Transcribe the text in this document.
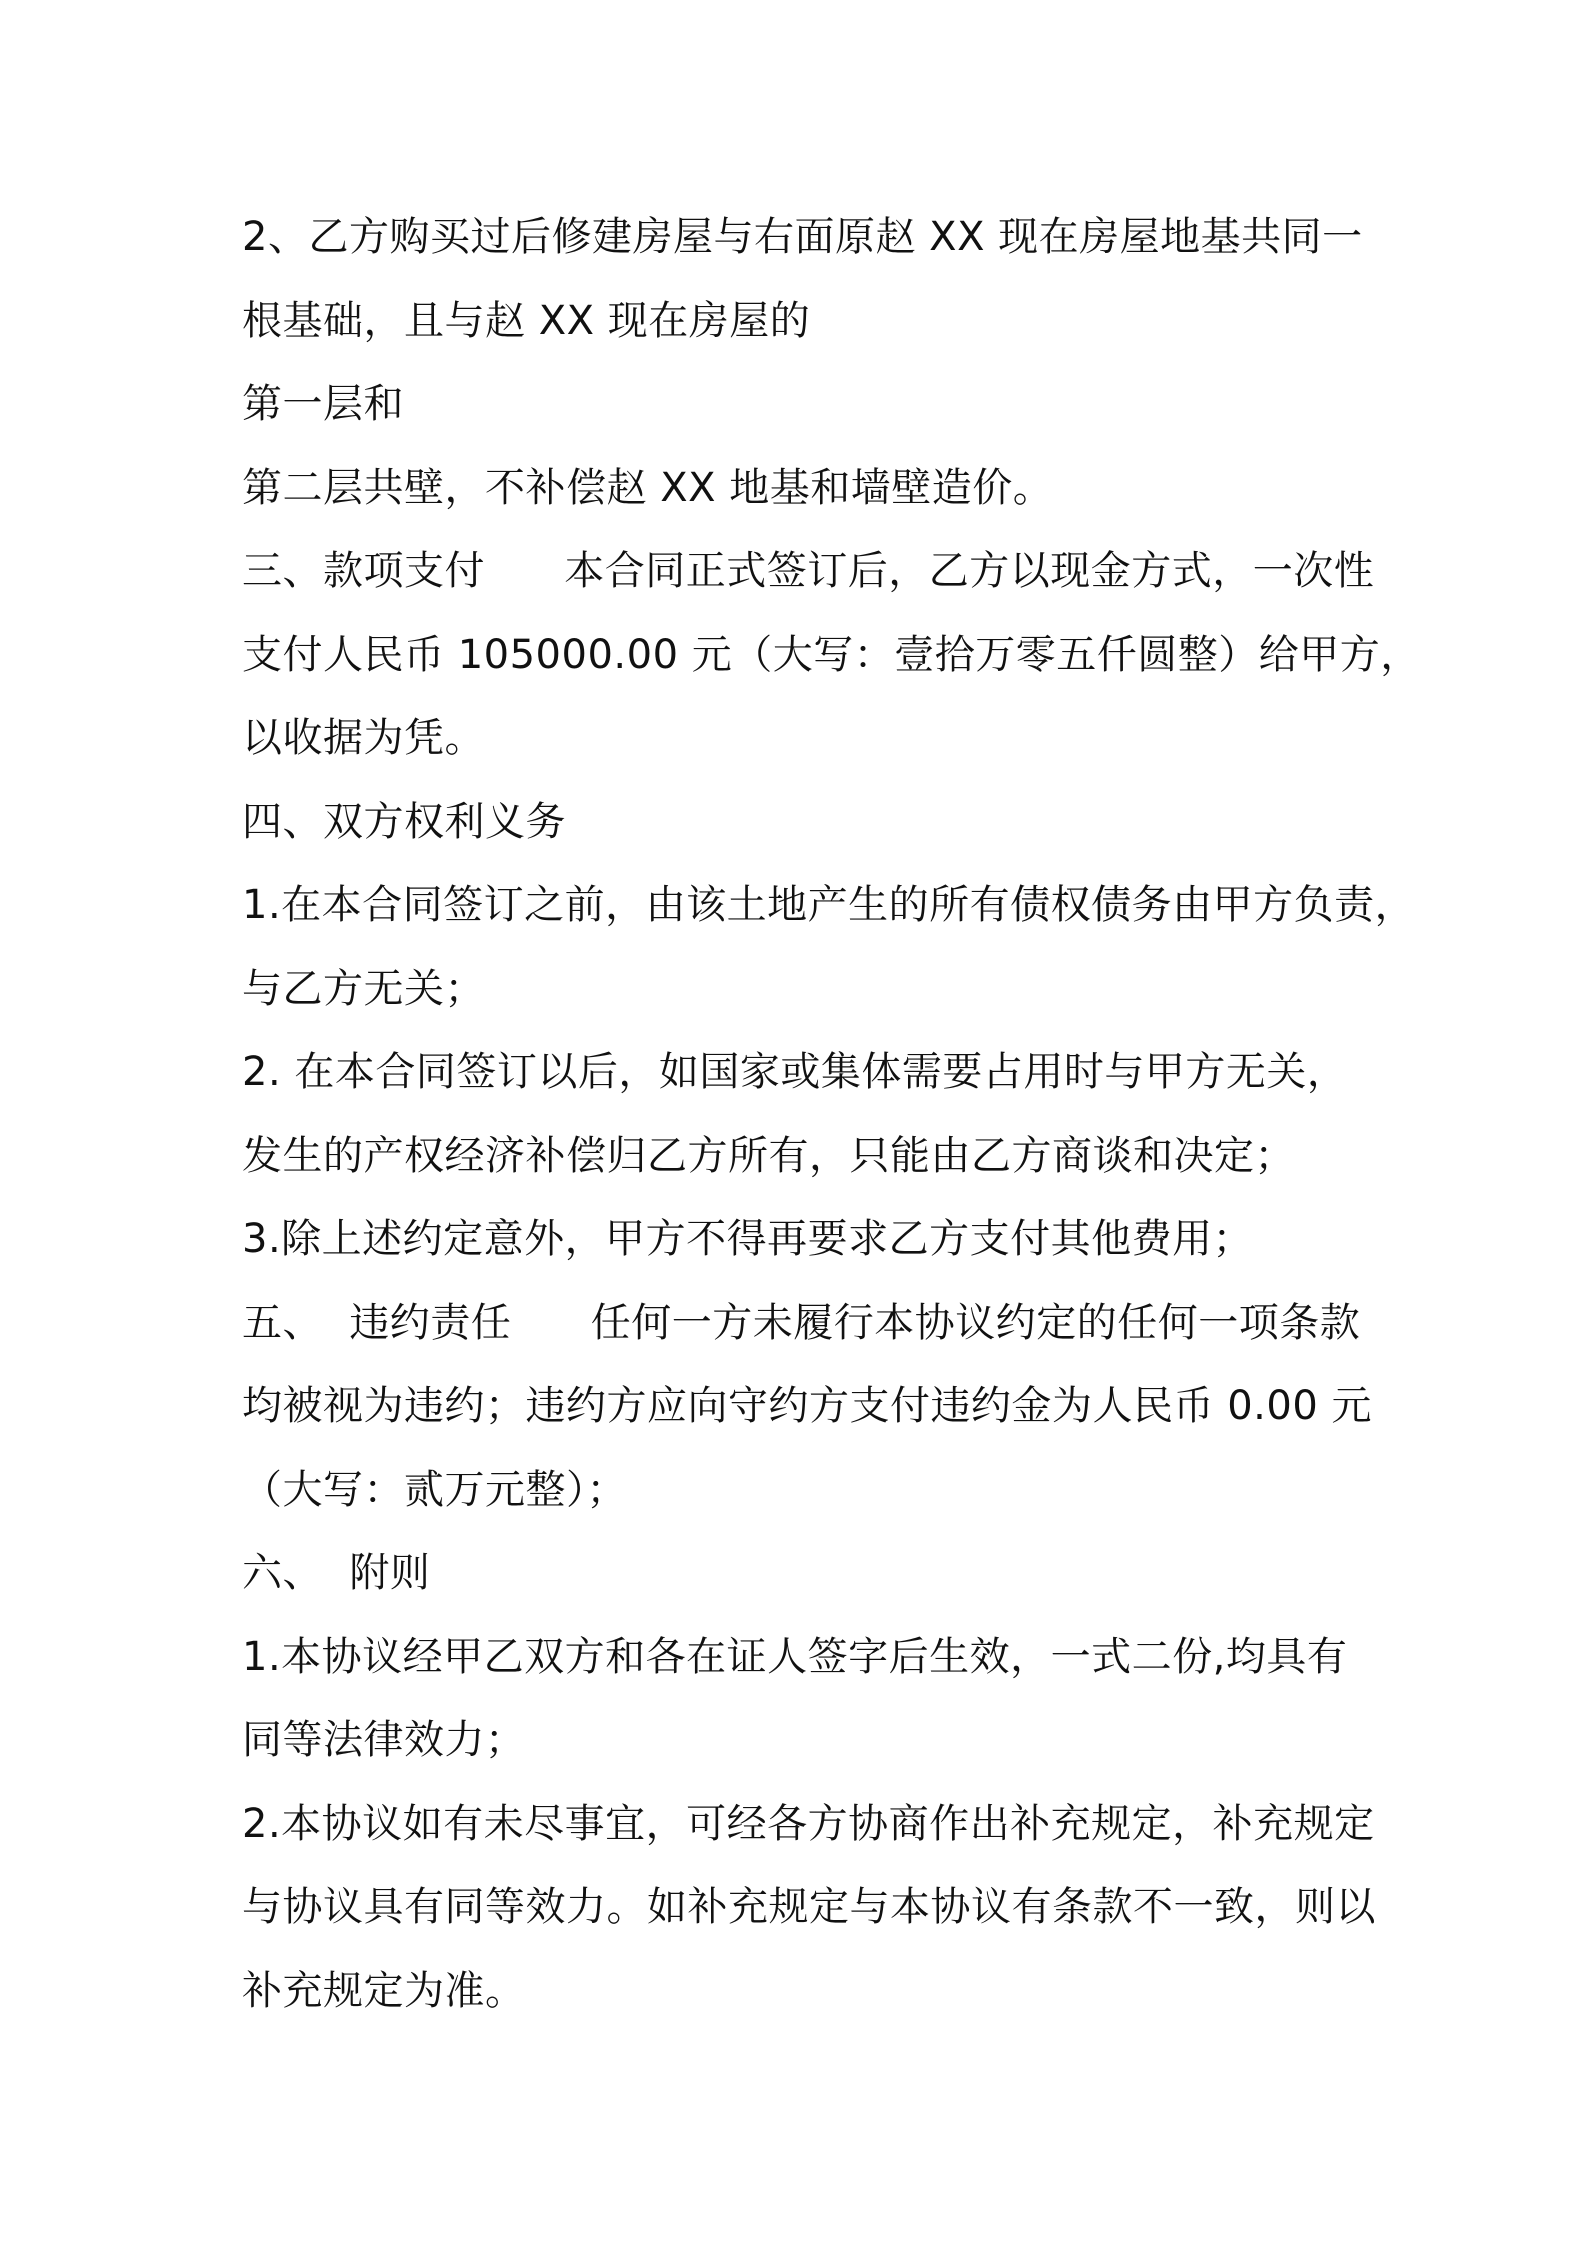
2、乙方购买过后修建房屋与右面原赵 XX 现在房屋地基共同一
根基础，且与赵 XX 现在房屋的
第一层和
第二层共壁，不补偿赵 XX 地基和墙壁造价。
三、款项支付      本合同正式签订后，乙方以现金方式，一次性
支付人民币 105000.00 元（大写：壹拾万零五仟圆整）给甲方，
以收据为凭。
四、双方权利义务
1.在本合同签订之前，由该土地产生的所有债权债务由甲方负责，
与乙方无关；
2. 在本合同签订以后，如国家或集体需要占用时与甲方无关，
发生的产权经济补偿归乙方所有，只能由乙方商谈和决定；
3.除上述约定意外，甲方不得再要求乙方支付其他费用；
五、  违约责任      任何一方未履行本协议约定的任何一项条款
均被视为违约；违约方应向守约方支付违约金为人民币 0.00 元
（大写：贰万元整）；
六、  附则
1.本协议经甲乙双方和各在证人签字后生效，一式二份,均具有
同等法律效力；
2.本协议如有未尽事宜，可经各方协商作出补充规定，补充规定
与协议具有同等效力。如补充规定与本协议有条款不一致，则以
补充规定为准。
